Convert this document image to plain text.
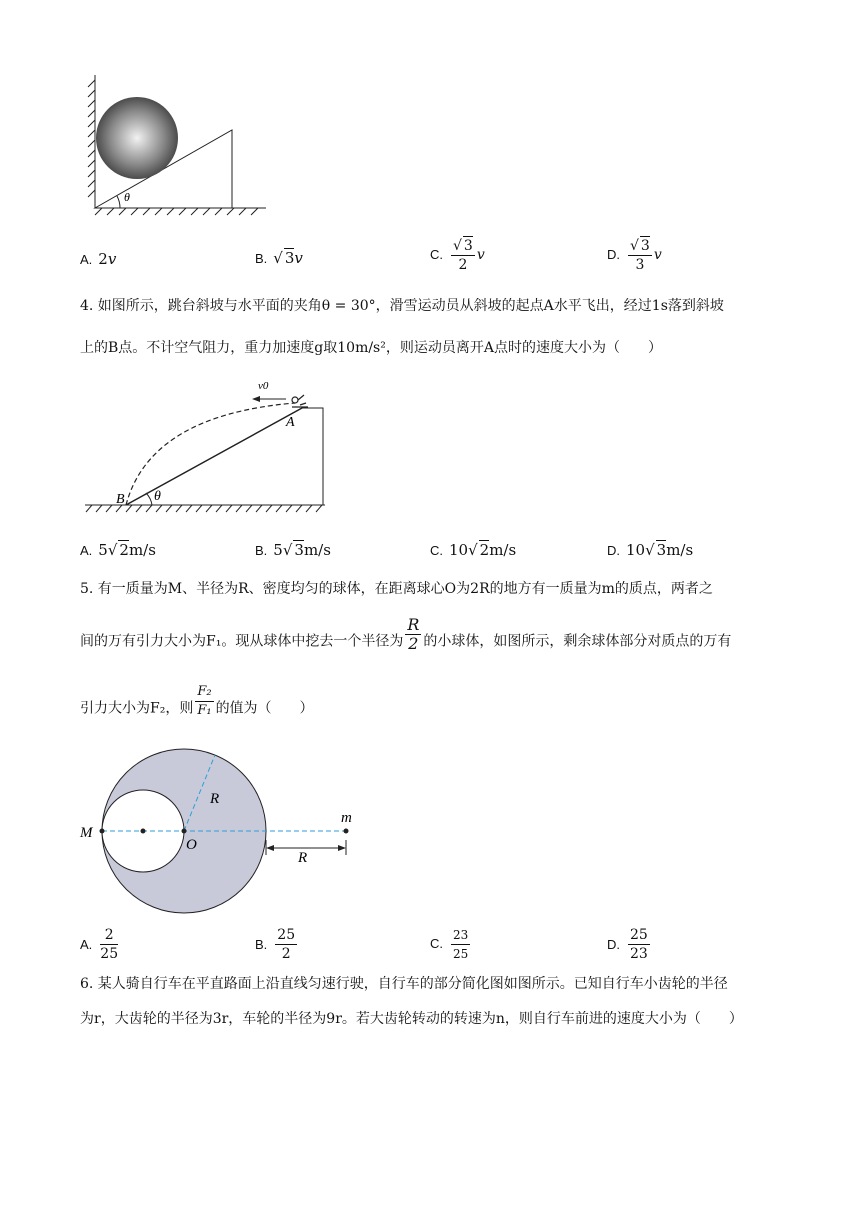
θ
A. 2v	B. √ 3v	C. $\frac{√ 3}{2}$ v	D. $\frac{√ 3}{3}$ v
4. 如图所示，跳台斜坡与水平面的夹角θ = 30°，滑雪运动员从斜坡的起点A水平飞出，经过1s落到斜坡
上的B点。不计空气阻力，重力加速度g取10m/s²，则运动员离开A点时的速度大小为（　　）
v0
A
B θ
A. 5√ 2m/s	B. 5√ 3m/s	C. 10√ 2m/s	D. 10√ 3m/s
5. 有一质量为M、半径为R、密度均匀的球体，在距离球心O为2R的地方有一质量为m的质点，两者之
间的万有引力大小为F₁。现从球体中挖去一个半径为 $\frac{R}{2}$ 的小球体，如图所示，剩余球体部分对质点的万有
引力大小为F₂，则 $\frac{\text{F₂}}{\text{F₁}}$ 的值为（　　）
M
O
R
R
m
A. $\frac{2}{25}$	B. $\frac{25}{2}$	C. $\frac{23}{25}$	D. $\frac{25}{23}$
6. 某人骑自行车在平直路面上沿直线匀速行驶，自行车的部分简化图如图所示。已知自行车小齿轮的半径
为r，大齿轮的半径为3r，车轮的半径为9r。若大齿轮转动的转速为n，则自行车前进的速度大小为（　　）
